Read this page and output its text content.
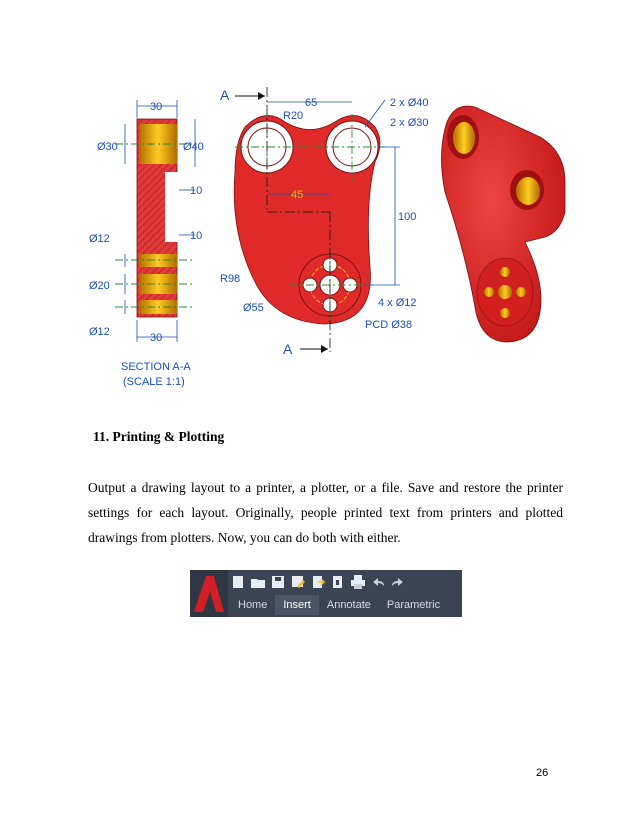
30
Ø30	Ø40
10
10
Ø12
Ø20
Ø12	30
SECTION A-A
(SCALE 1:1)
A
A
65
R20
2 x Ø40
2 x Ø30
45
100
R98
Ø55	4 x Ø12
PCD Ø38
11. Printing & Plotting
Output a drawing layout to a printer, a plotter, or a file. Save and restore the printer settings for each layout. Originally, people printed text from printers and plotted drawings from plotters. Now, you can do both with either.
Home	Insert	Annotate	Parametric
26
